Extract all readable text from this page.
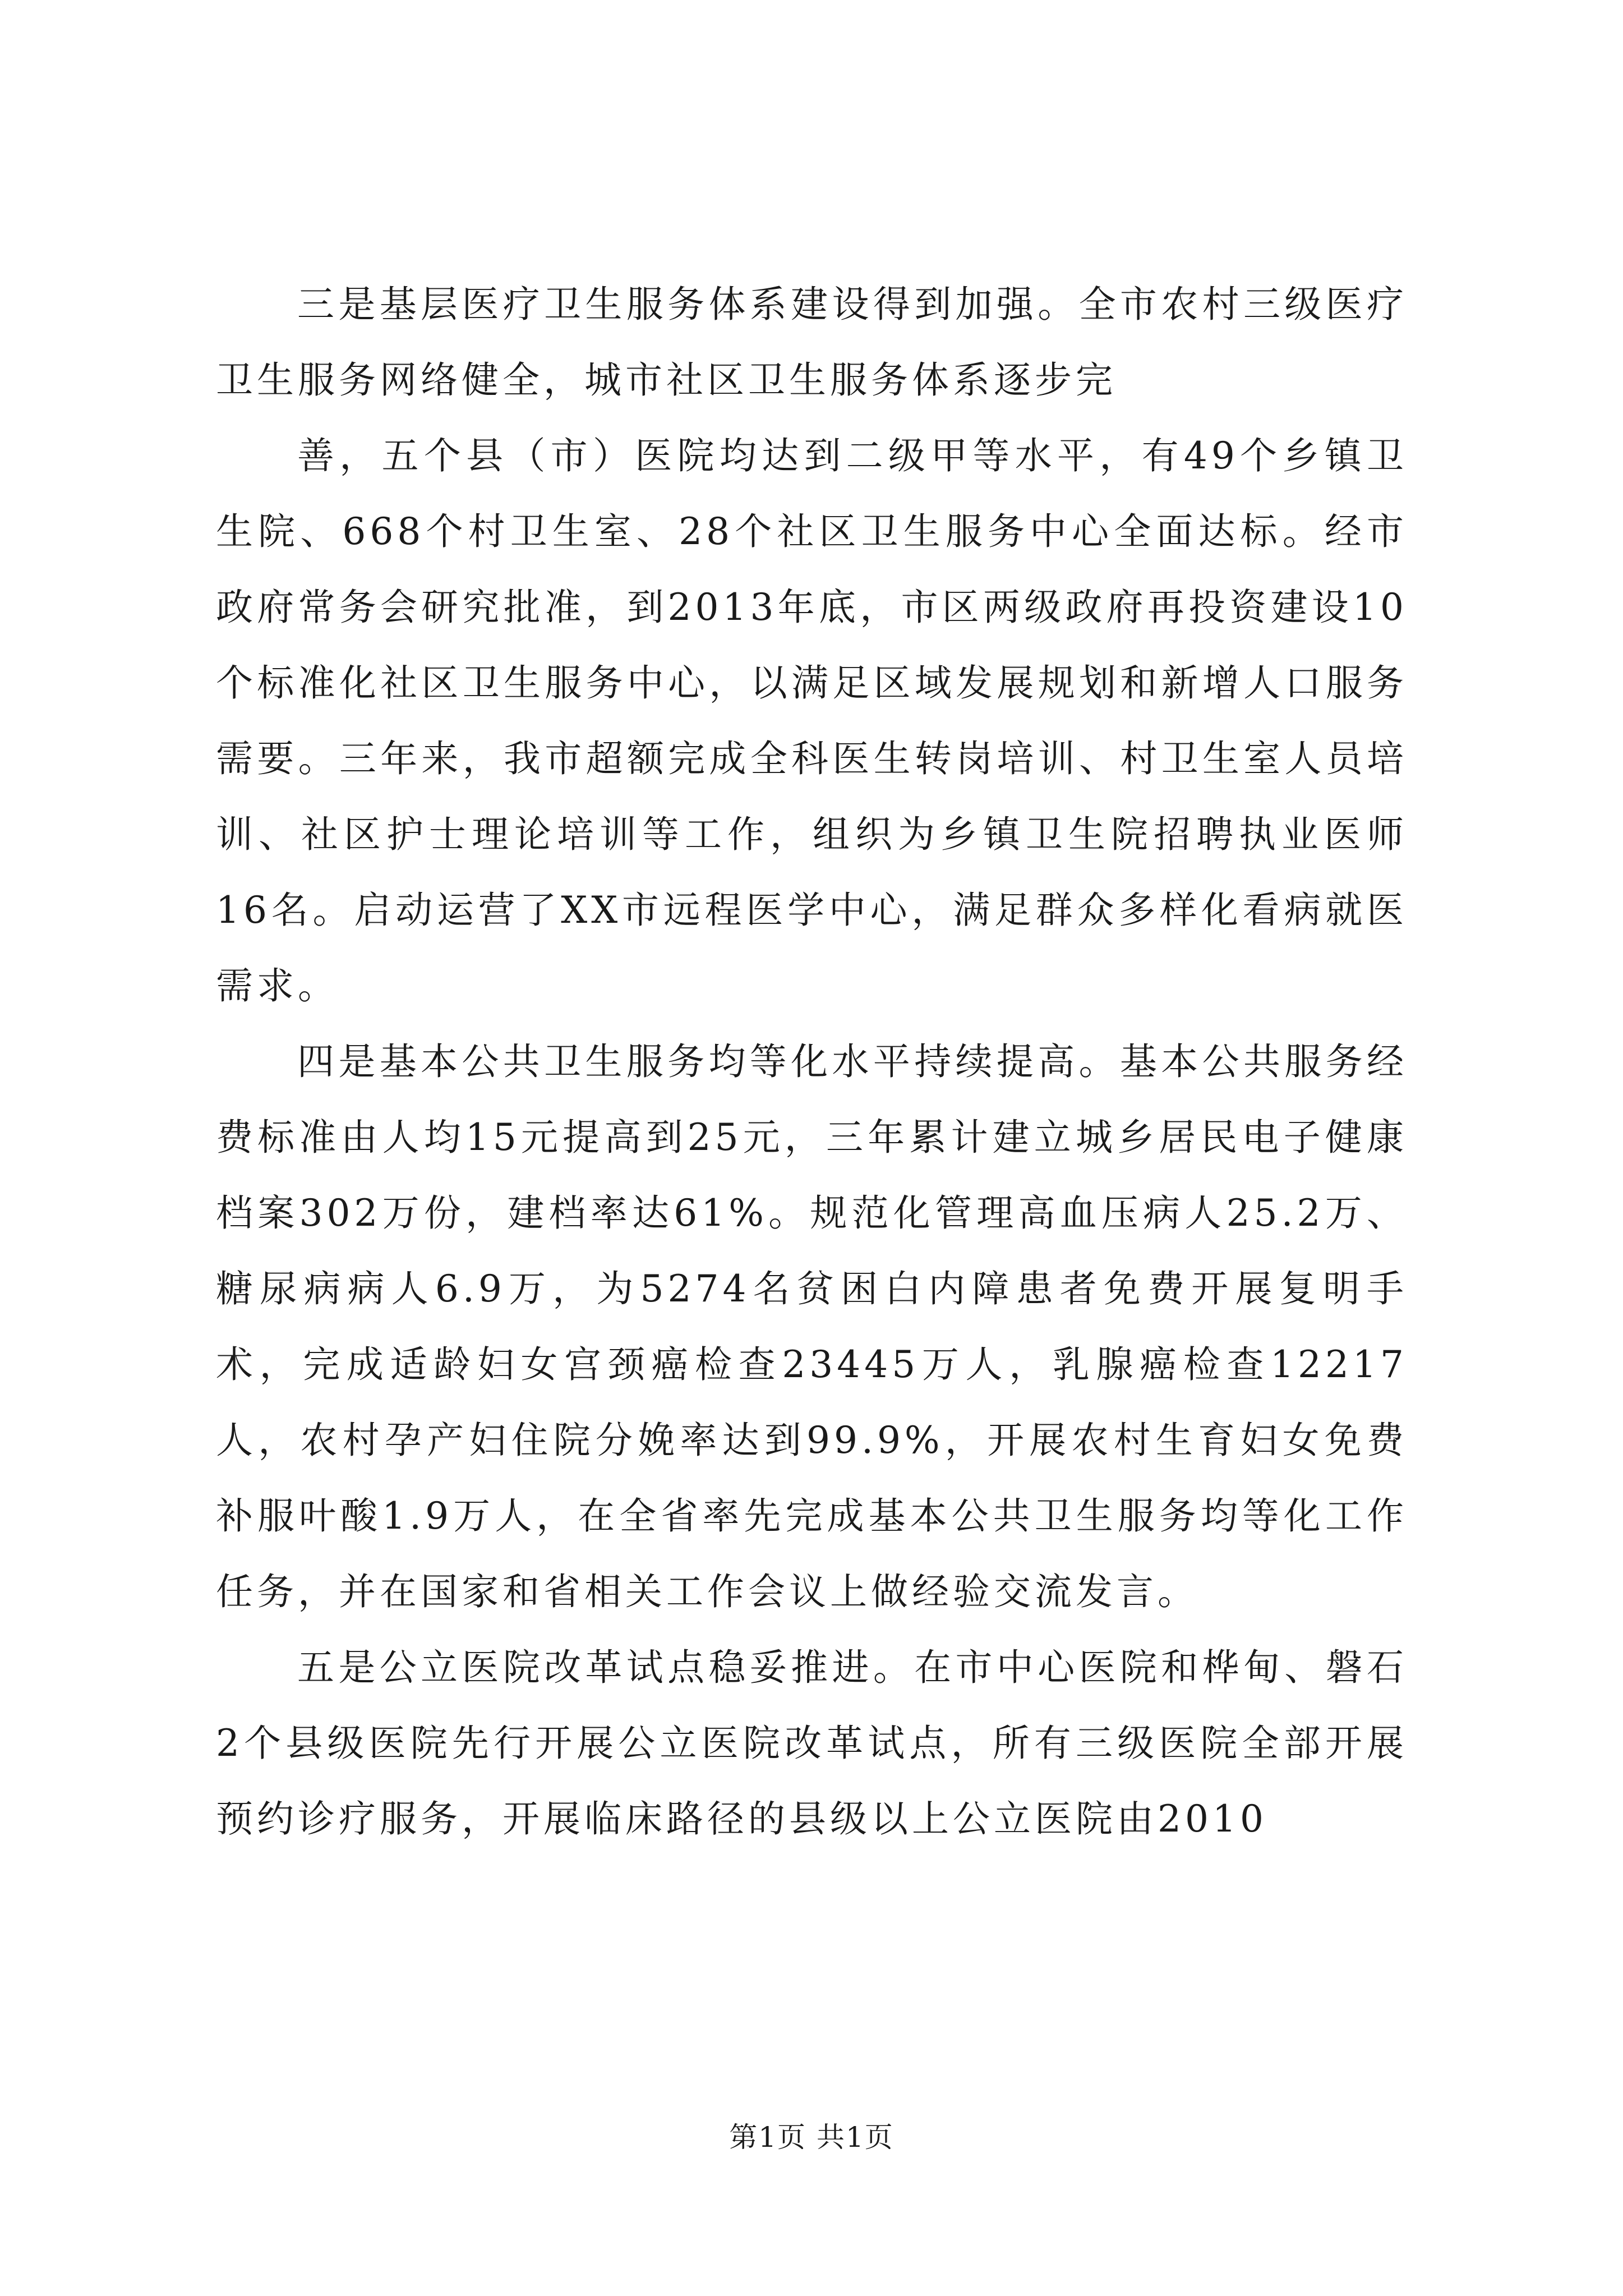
三是基层医疗卫生服务体系建设得到加强。全市农村三级医疗卫生服务网络健全，城市社区卫生服务体系逐步完

善，五个县（市）医院均达到二级甲等水平，有49个乡镇卫生院、668个村卫生室、28个社区卫生服务中心全面达标。经市政府常务会研究批准，到2013年底，市区两级政府再投资建设10个标准化社区卫生服务中心，以满足区域发展规划和新增人口服务需要。三年来，我市超额完成全科医生转岗培训、村卫生室人员培训、社区护士理论培训等工作，组织为乡镇卫生院招聘执业医师16名。启动运营了XX市远程医学中心，满足群众多样化看病就医需求。

四是基本公共卫生服务均等化水平持续提高。基本公共服务经费标准由人均15元提高到25元，三年累计建立城乡居民电子健康档案302万份，建档率达61%。规范化管理高血压病人25.2万、糖尿病病人6.9万，为5274名贫困白内障患者免费开展复明手术，完成适龄妇女宫颈癌检查23445万人，乳腺癌检查12217人，农村孕产妇住院分娩率达到99.9%，开展农村生育妇女免费补服叶酸1.9万人，在全省率先完成基本公共卫生服务均等化工作任务，并在国家和省相关工作会议上做经验交流发言。

五是公立医院改革试点稳妥推进。在市中心医院和桦甸、磐石2个县级医院先行开展公立医院改革试点，所有三级医院全部开展预约诊疗服务，开展临床路径的县级以上公立医院由2010

第1页 共1页
